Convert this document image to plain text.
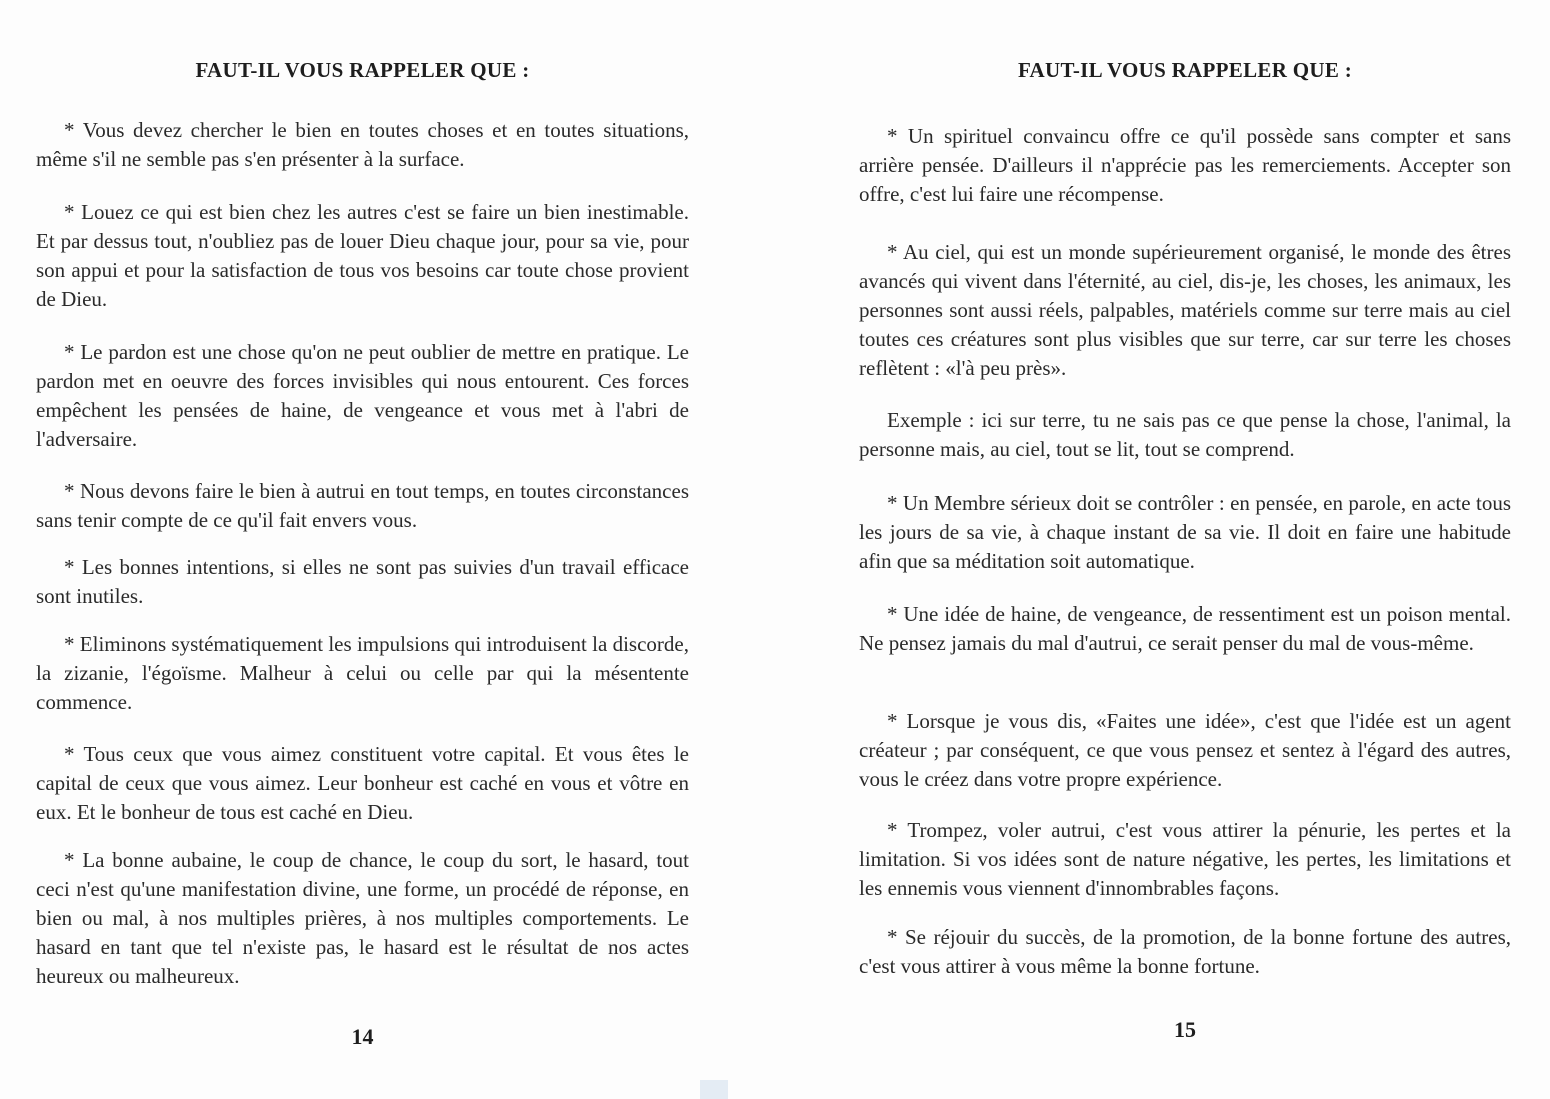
FAUT-IL VOUS RAPPELER QUE :

* Vous devez chercher le bien en toutes choses et en toutes situations, même s'il ne semble pas s'en présenter à la surface.

* Louez ce qui est bien chez les autres c'est se faire un bien inestimable. Et par dessus tout, n'oubliez pas de louer Dieu chaque jour, pour sa vie, pour son appui et pour la satisfaction de tous vos besoins car toute chose provient de Dieu.

* Le pardon est une chose qu'on ne peut oublier de mettre en pratique. Le pardon met en oeuvre des forces invisibles qui nous entourent. Ces forces empêchent les pensées de haine, de vengeance et vous met à l'abri de l'adversaire.

* Nous devons faire le bien à autrui en tout temps, en toutes circonstances sans tenir compte de ce qu'il fait envers vous.

* Les bonnes intentions, si elles ne sont pas suivies d'un travail efficace sont inutiles.

* Eliminons systématiquement les impulsions qui introduisent la discorde, la zizanie, l'égoïsme. Malheur à celui ou celle par qui la mésentente commence.

* Tous ceux que vous aimez constituent votre capital. Et vous êtes le capital de ceux que vous aimez. Leur bonheur est caché en vous et vôtre en eux. Et le bonheur de tous est caché en Dieu.

* La bonne aubaine, le coup de chance, le coup du sort, le hasard, tout ceci n'est qu'une manifestation divine, une forme, un procédé de réponse, en bien ou mal, à nos multiples prières, à nos multiples comportements. Le hasard en tant que tel n'existe pas, le hasard est le résultat de nos actes heureux ou malheureux.

14
FAUT-IL VOUS RAPPELER QUE :

* Un spirituel convaincu offre ce qu'il possède sans compter et sans arrière pensée. D'ailleurs il n'apprécie pas les remerciements. Accepter son offre, c'est lui faire une récompense.

* Au ciel, qui est un monde supérieurement organisé, le monde des êtres avancés qui vivent dans l'éternité, au ciel, dis-je, les choses, les animaux, les personnes sont aussi réels, palpables, matériels comme sur terre mais au ciel toutes ces créatures sont plus visibles que sur terre, car sur terre les choses reflètent : «l'à peu près».

Exemple : ici sur terre, tu ne sais pas ce que pense la chose, l'animal, la personne mais, au ciel, tout se lit, tout se comprend.

* Un Membre sérieux doit se contrôler : en pensée, en parole, en acte tous les jours de sa vie, à chaque instant de sa vie. Il doit en faire une habitude afin que sa méditation soit automatique.

* Une idée de haine, de vengeance, de ressentiment est un poison mental. Ne pensez jamais du mal d'autrui, ce serait penser du mal de vous-même.

* Lorsque je vous dis, «Faites une idée», c'est que l'idée est un agent créateur ; par conséquent, ce que vous pensez et sentez à l'égard des autres, vous le créez dans votre propre expérience.

* Trompez, voler autrui, c'est vous attirer la pénurie, les pertes et la limitation. Si vos idées sont de nature négative, les pertes, les limitations et les ennemis vous viennent d'innombrables façons.

* Se réjouir du succès, de la promotion, de la bonne fortune des autres, c'est vous attirer à vous même la bonne fortune.

15
